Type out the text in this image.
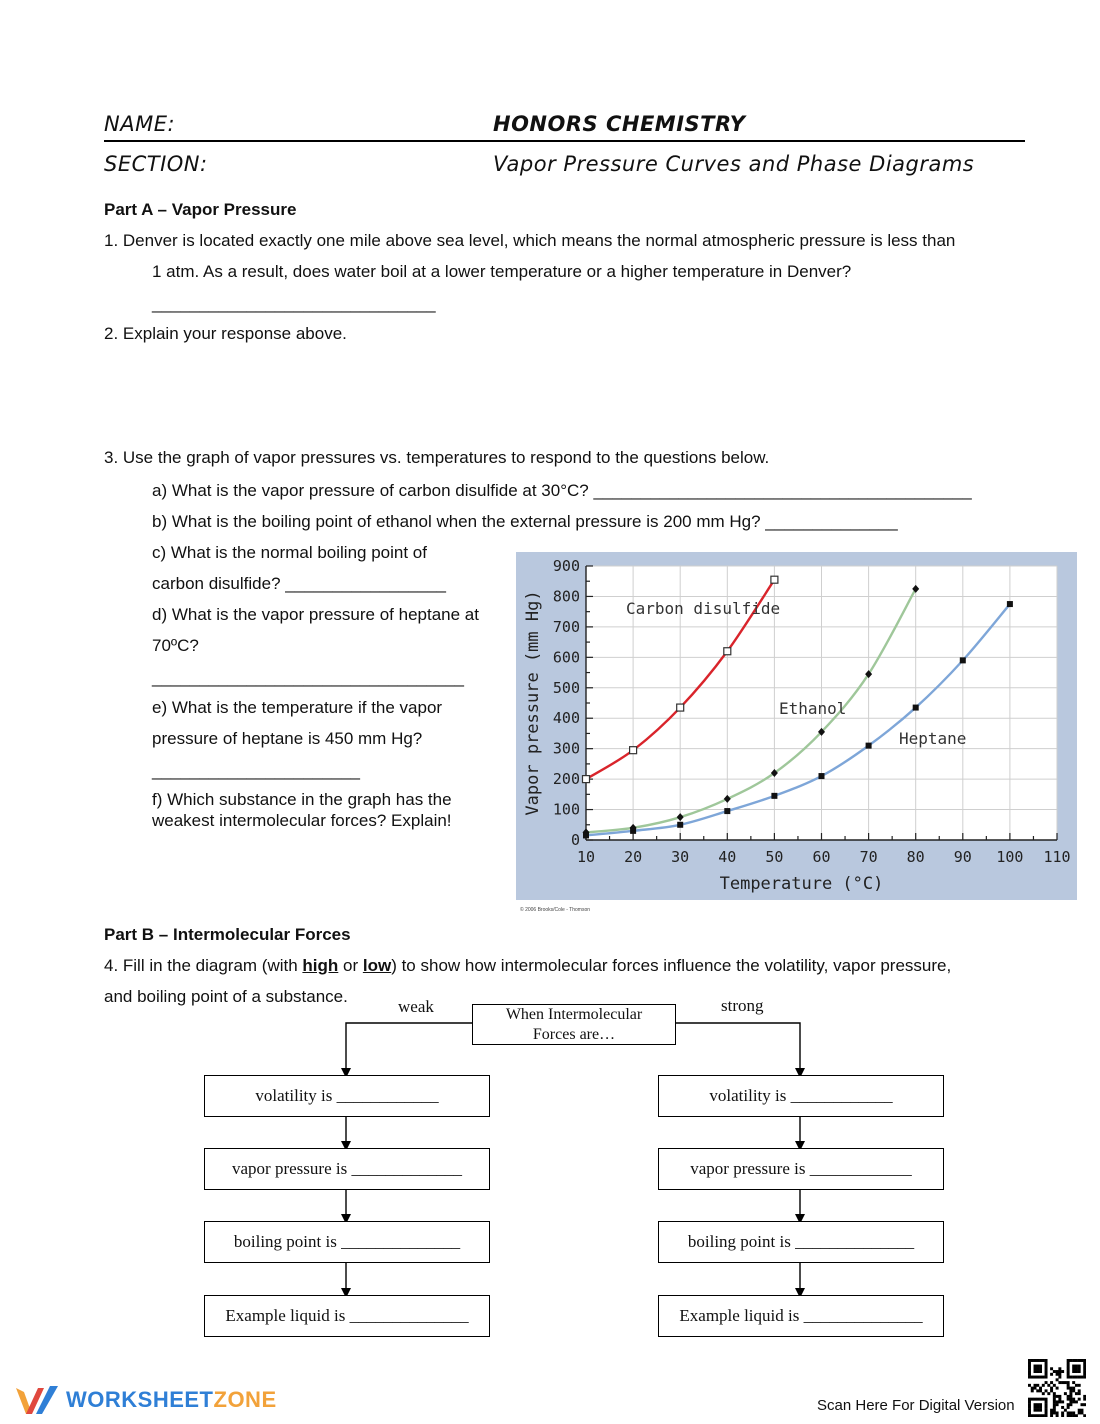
NAME:	HONORS CHEMISTRY
SECTION:	Vapor Pressure Curves and Phase Diagrams
Part A – Vapor Pressure
1. Denver is located exactly one mile above sea level, which means the normal atmospheric pressure is less than
1 atm. As a result, does water boil at a lower temperature or a higher temperature in Denver?
______________________________
2. Explain your response above.
3. Use the graph of vapor pressures vs. temperatures to respond to the questions below.
a) What is the vapor pressure of carbon disulfide at 30°C? ________________________________________
b) What is the boiling point of ethanol when the external pressure is 200 mm Hg? ______________
c) What is the normal boiling point of
carbon disulfide? _________________
d) What is the vapor pressure of heptane at
70ºC?
_________________________________
e) What is the temperature if the vapor
pressure of heptane is 450 mm Hg?
______________________
f) Which substance in the graph has the
weakest intermolecular forces? Explain!
10 20 30 40 50 60 70 80 90 100 110
0
100
200
300
400
500
600
700
800
900
Temperature (°C)
Vapor pressure (mm Hg)	Carbon disulfide
Ethanol
Heptane
© 2006 Brooks/Cole - Thomson
Part B – Intermolecular Forces
4. Fill in the diagram (with high or low) to show how intermolecular forces influence the volatility, vapor pressure,
and boiling point of a substance.
weak	strong
When Intermolecular
Forces are…
volatility is ____________
vapor pressure is _____________
boiling point is ______________
Example liquid is ______________
volatility is ____________
vapor pressure is ____________
boiling point is ______________
Example liquid is ______________
WORKSHEETZONE	Scan Here For Digital Version
